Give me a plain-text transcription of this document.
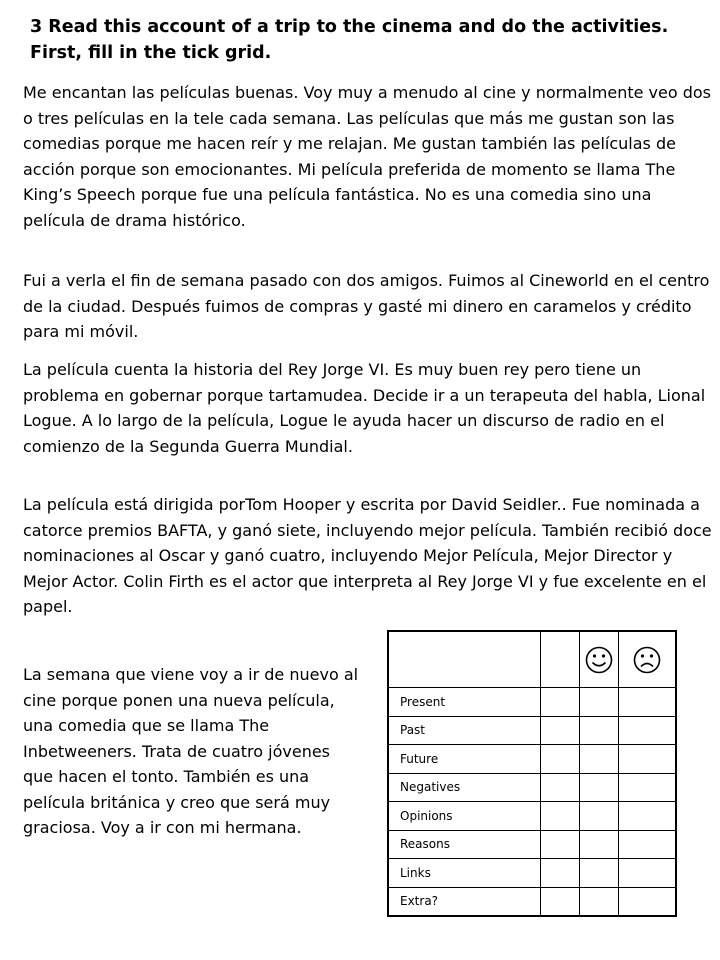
3 Read this account of a trip to the cinema and do the activities. First, fill in the tick grid.

Me encantan las películas buenas. Voy muy a menudo al cine y normalmente veo dos o tres películas en la tele cada semana. Las películas que más me gustan son las comedias porque me hacen reír y me relajan. Me gustan también las películas de acción porque son emocionantes. Mi película preferida de momento se llama The King’s Speech porque fue una película fantástica. No es una comedia sino una película de drama histórico.

Fui a verla el fin de semana pasado con dos amigos. Fuimos al Cineworld en el centro de la ciudad. Después fuimos de compras y gasté mi dinero en caramelos y crédito para mi móvil.

La película cuenta la historia del Rey Jorge VI. Es muy buen rey pero tiene un problema en gobernar porque tartamudea. Decide ir a un terapeuta del habla, Lional Logue. A lo largo de la película, Logue le ayuda hacer un discurso de radio en el comienzo de la Segunda Guerra Mundial.

La película está dirigida porTom Hooper y escrita por David Seidler.. Fue nominada a catorce premios BAFTA, y ganó siete, incluyendo mejor película. También recibió doce nominaciones al Oscar y ganó cuatro, incluyendo Mejor Película, Mejor Director y Mejor Actor. Colin Firth es el actor que interpreta al Rey Jorge VI y fue excelente en el papel.

La semana que viene voy a ir de nuevo al cine porque ponen una nueva película, una comedia que se llama The Inbetweeners. Trata de cuatro jóvenes que hacen el tonto. También es una película británica y creo que será muy graciosa. Voy a ir con mi hermana.

Present			
Past			
Future			
Negatives			
Opinions			
Reasons			
Links			
Extra?			
